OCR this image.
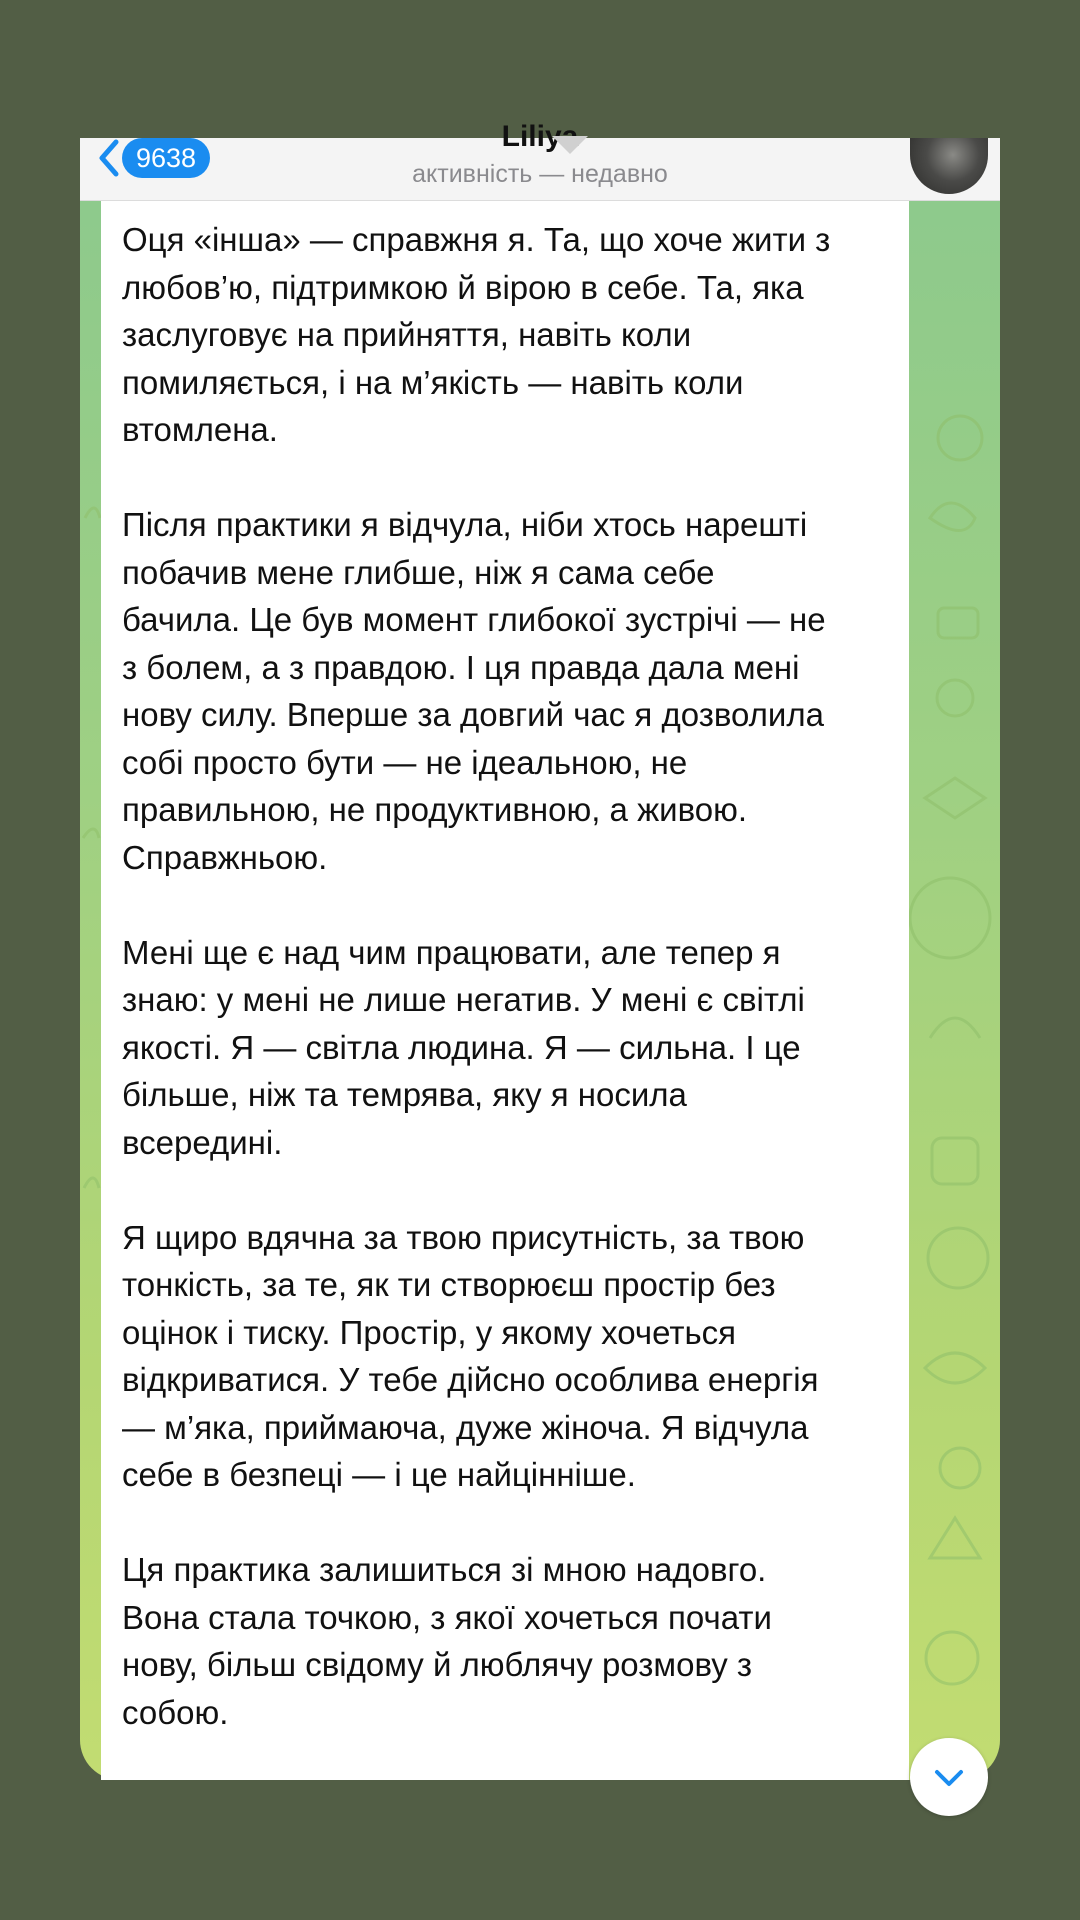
9638
Liliya
активність — недавно

Оця «інша» — справжня я. Та, що хоче жити з
любов’ю, підтримкою й вірою в себе. Та, яка
заслуговує на прийняття, навіть коли
помиляється, і на м’якість — навіть коли
втомлена.

Після практики я відчула, ніби хтось нарешті
побачив мене глибше, ніж я сама себе
бачила. Це був момент глибокої зустрічі — не
з болем, а з правдою. І ця правда дала мені
нову силу. Вперше за довгий час я дозволила
собі просто бути — не ідеальною, не
правильною, не продуктивною, а живою.
Справжньою.

Мені ще є над чим працювати, але тепер я
знаю: у мені не лише негатив. У мені є світлі
якості. Я — світла людина. Я — сильна. І це
більше, ніж та темрява, яку я носила
всередині.

Я щиро вдячна за твою присутність, за твою
тонкість, за те, як ти створюєш простір без
оцінок і тиску. Простір, у якому хочеться
відкриватися. У тебе дійсно особлива енергія
— м’яка, приймаюча, дуже жіноча. Я відчула
себе в безпеці — і це найцінніше.

Ця практика залишиться зі мною надовго.
Вона стала точкою, з якої хочеться почати
нову, більш свідому й люблячу розмову з
собою.
